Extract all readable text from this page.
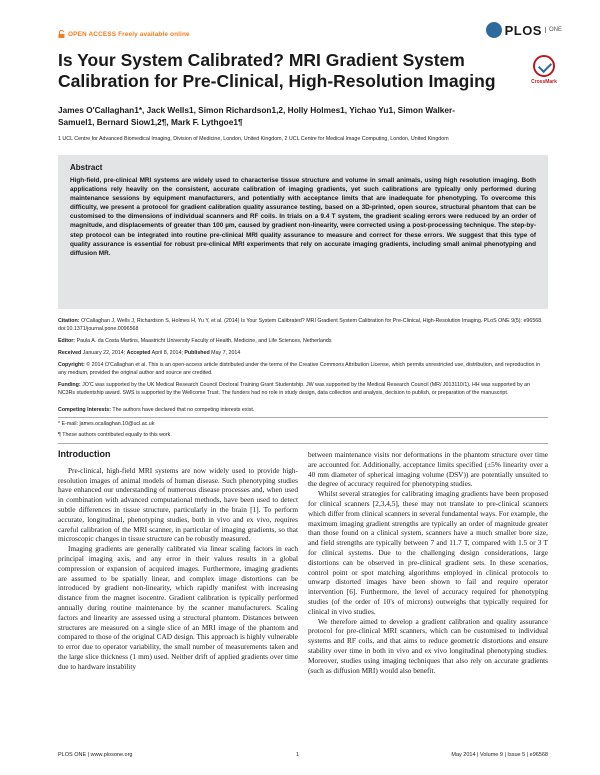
OPEN ACCESS Freely available online	PLOS	ONE
Is Your System Calibrated? MRI Gradient System Calibration for Pre-Clinical, High-Resolution Imaging	CrossMark
James O'Callaghan1*, Jack Wells1, Simon Richardson1,2, Holly Holmes1, Yichao Yu1, Simon Walker-
Samuel1, Bernard Siow1,2¶, Mark F. Lythgoe1¶
1 UCL Centre for Advanced Biomedical Imaging, Division of Medicine, London, United Kingdom, 2 UCL Centre for Medical Image Computing, London, United Kingdom
Abstract
High-field, pre-clinical MRI systems are widely used to characterise tissue structure and volume in small animals, using high resolution imaging. Both applications rely heavily on the consistent, accurate calibration of imaging gradients, yet such calibrations are typically only performed during maintenance sessions by equipment manufacturers, and potentially with acceptance limits that are inadequate for phenotyping. To overcome this difficulty, we present a protocol for gradient calibration quality assurance testing, based on a 3D-printed, open source, structural phantom that can be customised to the dimensions of individual scanners and RF coils. In trials on a 9.4 T system, the gradient scaling errors were reduced by an order of magnitude, and displacements of greater than 100 µm, caused by gradient non-linearity, were corrected using a post-processing technique. The step-by-step protocol can be integrated into routine pre-clinical MRI quality assurance to measure and correct for these errors. We suggest that this type of quality assurance is essential for robust pre-clinical MRI experiments that rely on accurate imaging gradients, including small animal phenotyping and diffusion MR.
Citation: O'Callaghan J, Wells J, Richardson S, Holmes H, Yu Y, et al. (2014) Is Your System Calibrated? MRI Gradient System Calibration for Pre-Clinical, High-Resolution Imaging. PLoS ONE 9(5): e96568. doi:10.1371/journal.pone.0096568
Editor: Paula A. da Costa Martins, Maastricht University Faculty of Health, Medicine, and Life Sciences, Netherlands
Received January 22, 2014; Accepted April 8, 2014; Published May 7, 2014
Copyright: © 2014 O'Callaghan et al. This is an open-access article distributed under the terms of the Creative Commons Attribution License, which permits unrestricted use, distribution, and reproduction in any medium, provided the original author and source are credited.
Funding: JO'C was supported by the UK Medical Research Council Doctoral Training Grant Studentship. JW was supported by the Medical Research Council (MR/ J013110/1). HH was supported by an NC3Rs studentship award. SWS is supported by the Wellcome Trust. The funders had no role in study design, data collection and analysis, decision to publish, or preparation of the manuscript.
Competing Interests: The authors have declared that no competing interests exist.
* E-mail: james.ocallaghan.10@ucl.ac.uk
¶ These authors contributed equally to this work.
Introduction

Pre-clinical, high-field MRI systems are now widely used to provide high-resolution images of animal models of human disease. Such phenotyping studies have enhanced our understanding of numerous disease processes and, when used in combination with advanced computational methods, have been used to detect subtle differences in tissue structure, particularly in the brain [1]. To perform accurate, longitudinal, phenotyping studies, both in vivo and ex vivo, requires careful calibration of the MRI scanner, in particular of imaging gradients, so that microscopic changes in tissue structure can be robustly measured.

Imaging gradients are generally calibrated via linear scaling factors in each principal imaging axis, and any error in their values results in a global compression or expansion of acquired images. Furthermore, imaging gradients are assumed to be spatially linear, and complex image distortions can be introduced by gradient non-linearity, which rapidly manifest with increasing distance from the magnet isocentre. Gradient calibration is typically performed annually during routine maintenance by the scanner manufacturers. Scaling factors and linearity are assessed using a structural phantom. Distances between structures are measured on a single slice of an MRI image of the phantom and compared to those of the original CAD design. This approach is highly vulnerable to error due to operator variability, the small number of measurements taken and the large slice thickness (1 mm) used. Neither drift of applied gradients over time due to hardware instability

between maintenance visits nor deformations in the phantom structure over time are accounted for. Additionally, acceptance limits specified (±5% linearity over a 40 mm diameter of spherical imaging volume (DSV)) are potentially unsuited to the degree of accuracy required for phenotyping studies.

Whilst several strategies for calibrating imaging gradients have been proposed for clinical scanners [2,3,4,5], these may not translate to pre-clinical scanners which differ from clinical scanners in several fundamental ways. For example, the maximum imaging gradient strengths are typically an order of magnitude greater than those found on a clinical system, scanners have a much smaller bore size, and field strengths are typically between 7 and 11.7 T, compared with 1.5 or 3 T for clinical systems. Due to the challenging design considerations, large distortions can be observed in pre-clinical gradient sets. In these scenarios, control point or spot matching algorithms employed in clinical protocols to unwarp distorted images have been shown to fail and require operator intervention [6]. Furthermore, the level of accuracy required for phenotyping studies (of the order of 10's of microns) outweighs that typically required for clinical in vivo studies.

We therefore aimed to develop a gradient calibration and quality assurance protocol for pre-clinical MRI scanners, which can be customised to individual systems and RF coils, and that aims to reduce geometric distortions and ensure stability over time in both in vivo and ex vivo longitudinal phenotyping studies. Moreover, studies using imaging techniques that also rely on accurate gradients (such as diffusion MRI) would also benefit.

PLOS ONE | www.plosone.org	1	May 2014 | Volume 9 | Issue 5 | e96568
